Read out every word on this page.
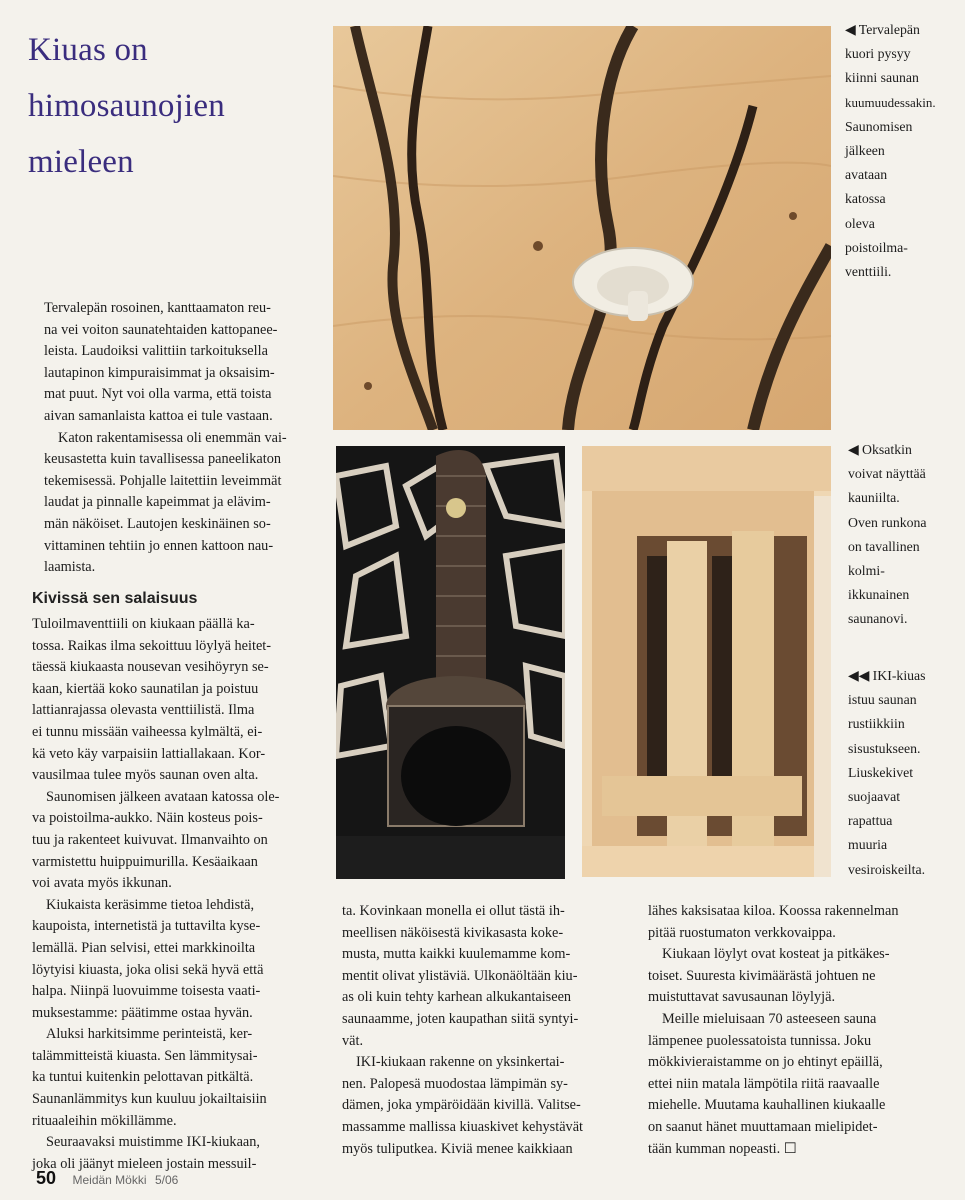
Kiuas on
himosaunojien
mieleen
◀ Tervalepän
kuori pysyy
kiinni saunan
kuumuudessakin.
Saunomisen
jälkeen
avataan
katossa
oleva
poistoilma-
venttiili.
◀ Oksatkin
voivat näyttää
kauniilta.
Oven runkona
on tavallinen
kolmi-
ikkunainen
saunanovi.
◀◀ IKI-kiuas
istuu saunan
rustiikkiin
sisustukseen.
Liuskekivet
suojaavat
rapattua
muuria
vesiroiskeilta.
Tervalepän rosoinen, kanttaamaton reu-
na vei voiton saunatehtaiden kattopanee-
leista. Laudoiksi valittiin tarkoituksella
lautapinon kimpuraisimmat ja oksaisim-
mat puut. Nyt voi olla varma, että toista
aivan samanlaista kattoa ei tule vastaan.
Katon rakentamisessa oli enemmän vai-
keusastetta kuin tavallisessa paneelikaton
tekemisessä. Pohjalle laitettiin leveimmät
laudat ja pinnalle kapeimmat ja elävim-
män näköiset. Lautojen keskinäinen so-
vittaminen tehtiin jo ennen kattoon nau-
laamista.
Kivissä sen salaisuus
Tuloilmaventtiili on kiukaan päällä ka-
tossa. Raikas ilma sekoittuu löylyä heitet-
täessä kiukaasta nousevan vesihöyryn se-
kaan, kiertää koko saunatilan ja poistuu
lattianrajassa olevasta venttiilistä. Ilma
ei tunnu missään vaiheessa kylmältä, ei-
kä veto käy varpaisiin lattiallakaan. Kor-
vausilmaa tulee myös saunan oven alta.
Saunomisen jälkeen avataan katossa ole-
va poistoilma-aukko. Näin kosteus pois-
tuu ja rakenteet kuivuvat. Ilmanvaihto on
varmistettu huippuimurilla. Kesäaikaan
voi avata myös ikkunan.
Kiukaista keräsimme tietoa lehdistä,
kaupoista, internetistä ja tuttavilta kyse-
lemällä. Pian selvisi, ettei markkinoilta
löytyisi kiuasta, joka olisi sekä hyvä että
halpa. Niinpä luovuimme toisesta vaati-
muksestamme: päätimme ostaa hyvän.
Aluksi harkitsimme perinteistä, ker-
talämmitteistä kiuasta. Sen lämmitysai-
ka tuntui kuitenkin pelottavan pitkältä.
Saunanlämmitys kun kuuluu jokailtaisiin
rituaaleihin mökillämme.
Seuraavaksi muistimme IKI-kiukaan,
joka oli jäänyt mieleen jostain messuil-
ta. Kovinkaan monella ei ollut tästä ih-
meellisen näköisestä kivikasasta koke-
musta, mutta kaikki kuulemamme kom-
mentit olivat ylistäviä. Ulkonäöltään kiu-
as oli kuin tehty karhean alkukantaiseen
saunaamme, joten kaupathan siitä syntyi-
vät.
IKI-kiukaan rakenne on yksinkertai-
nen. Palopesä muodostaa lämpimän sy-
dämen, joka ympäröidään kivillä. Valitse-
massamme mallissa kiuaskivet kehystävät
myös tuliputkea. Kiviä menee kaikkiaan
lähes kaksisataa kiloa. Koossa rakennelman
pitää ruostumaton verkkovaippa.
Kiukaan löylyt ovat kosteat ja pitkäkes-
toiset. Suuresta kivimäärästä johtuen ne
muistuttavat savusaunan löylyjä.
Meille mieluisaan 70 asteeseen sauna
lämpenee puolessatoista tunnissa. Joku
mökkivieraistamme on jo ehtinyt epäillä,
ettei niin matala lämpötila riitä raavaalle
miehelle. Muutama kauhallinen kiukaalle
on saanut hänet muuttamaan mielipidet-
tään kumman nopeasti. ☐
50 Meidän Mökki 5/06
